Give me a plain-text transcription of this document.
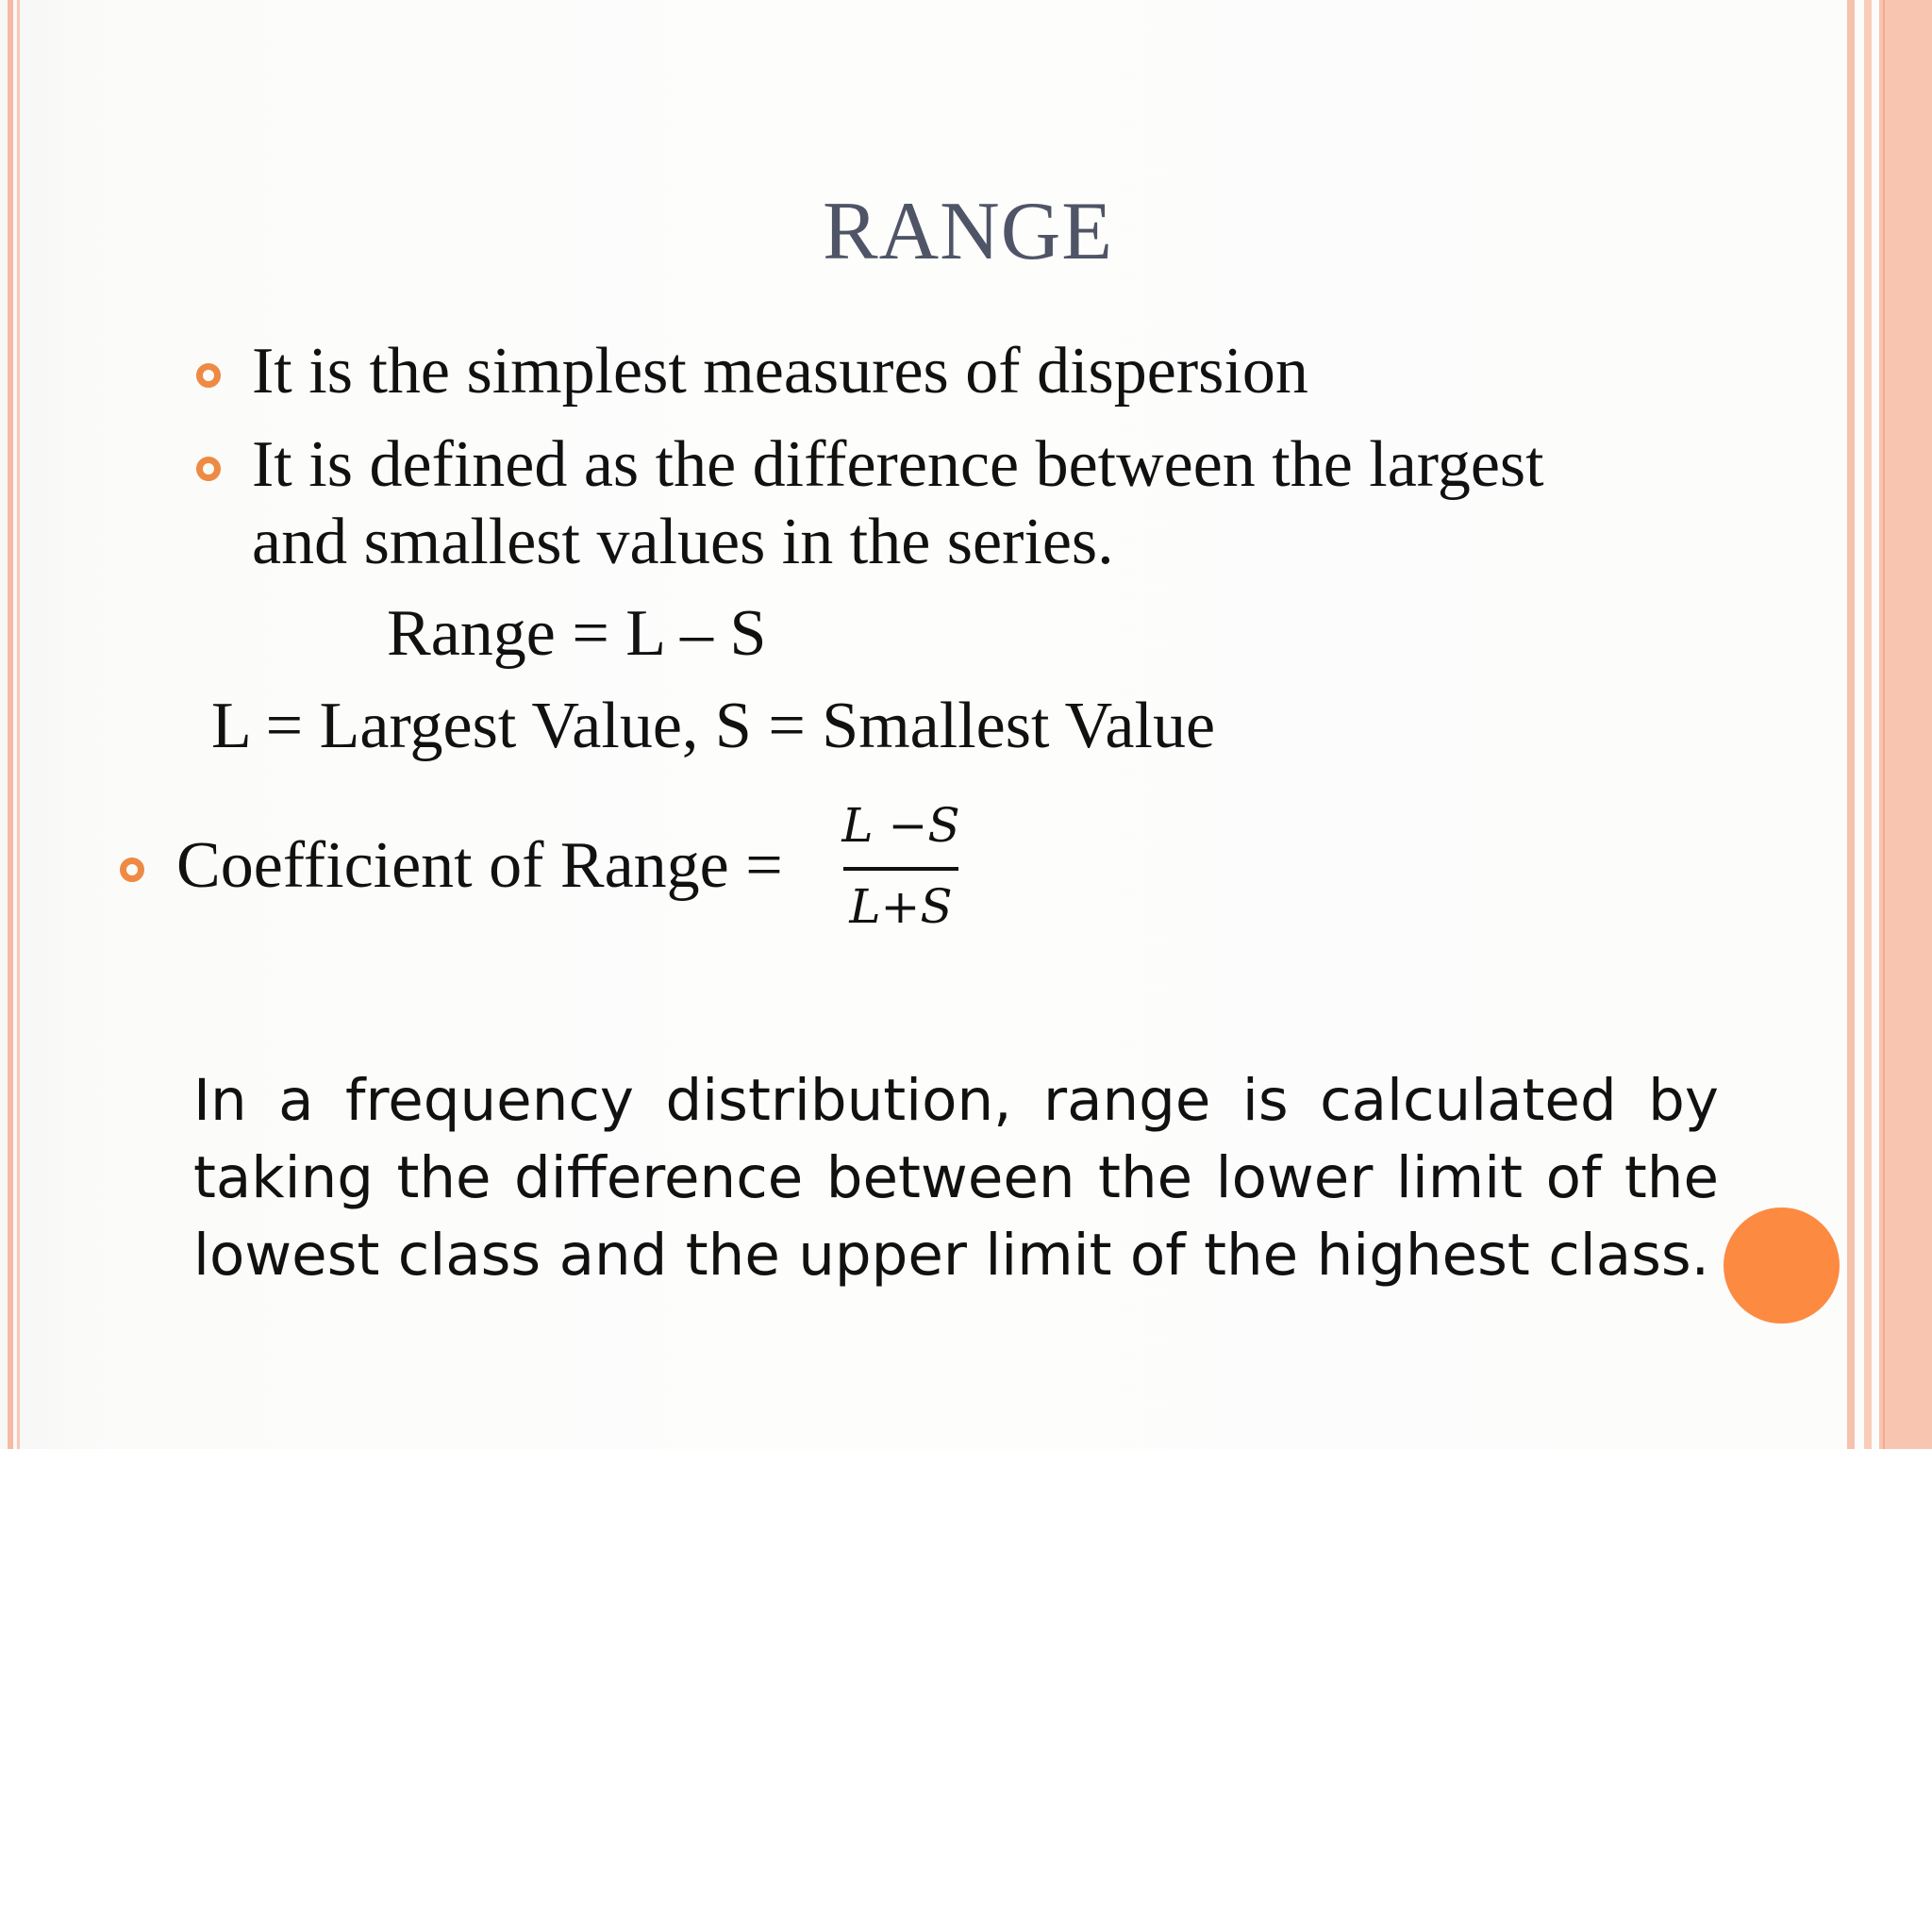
RANGE
It is the simplest measures of dispersion
It is defined as the difference between the largest
and smallest values in the series.
Range = L – S
L = Largest Value, S = Smallest Value
Coefficient of Range =
L −S
L+S
In a frequency distribution, range is calculated by taking the difference between the lower limit of the lowest class and the upper limit of the highest class.
